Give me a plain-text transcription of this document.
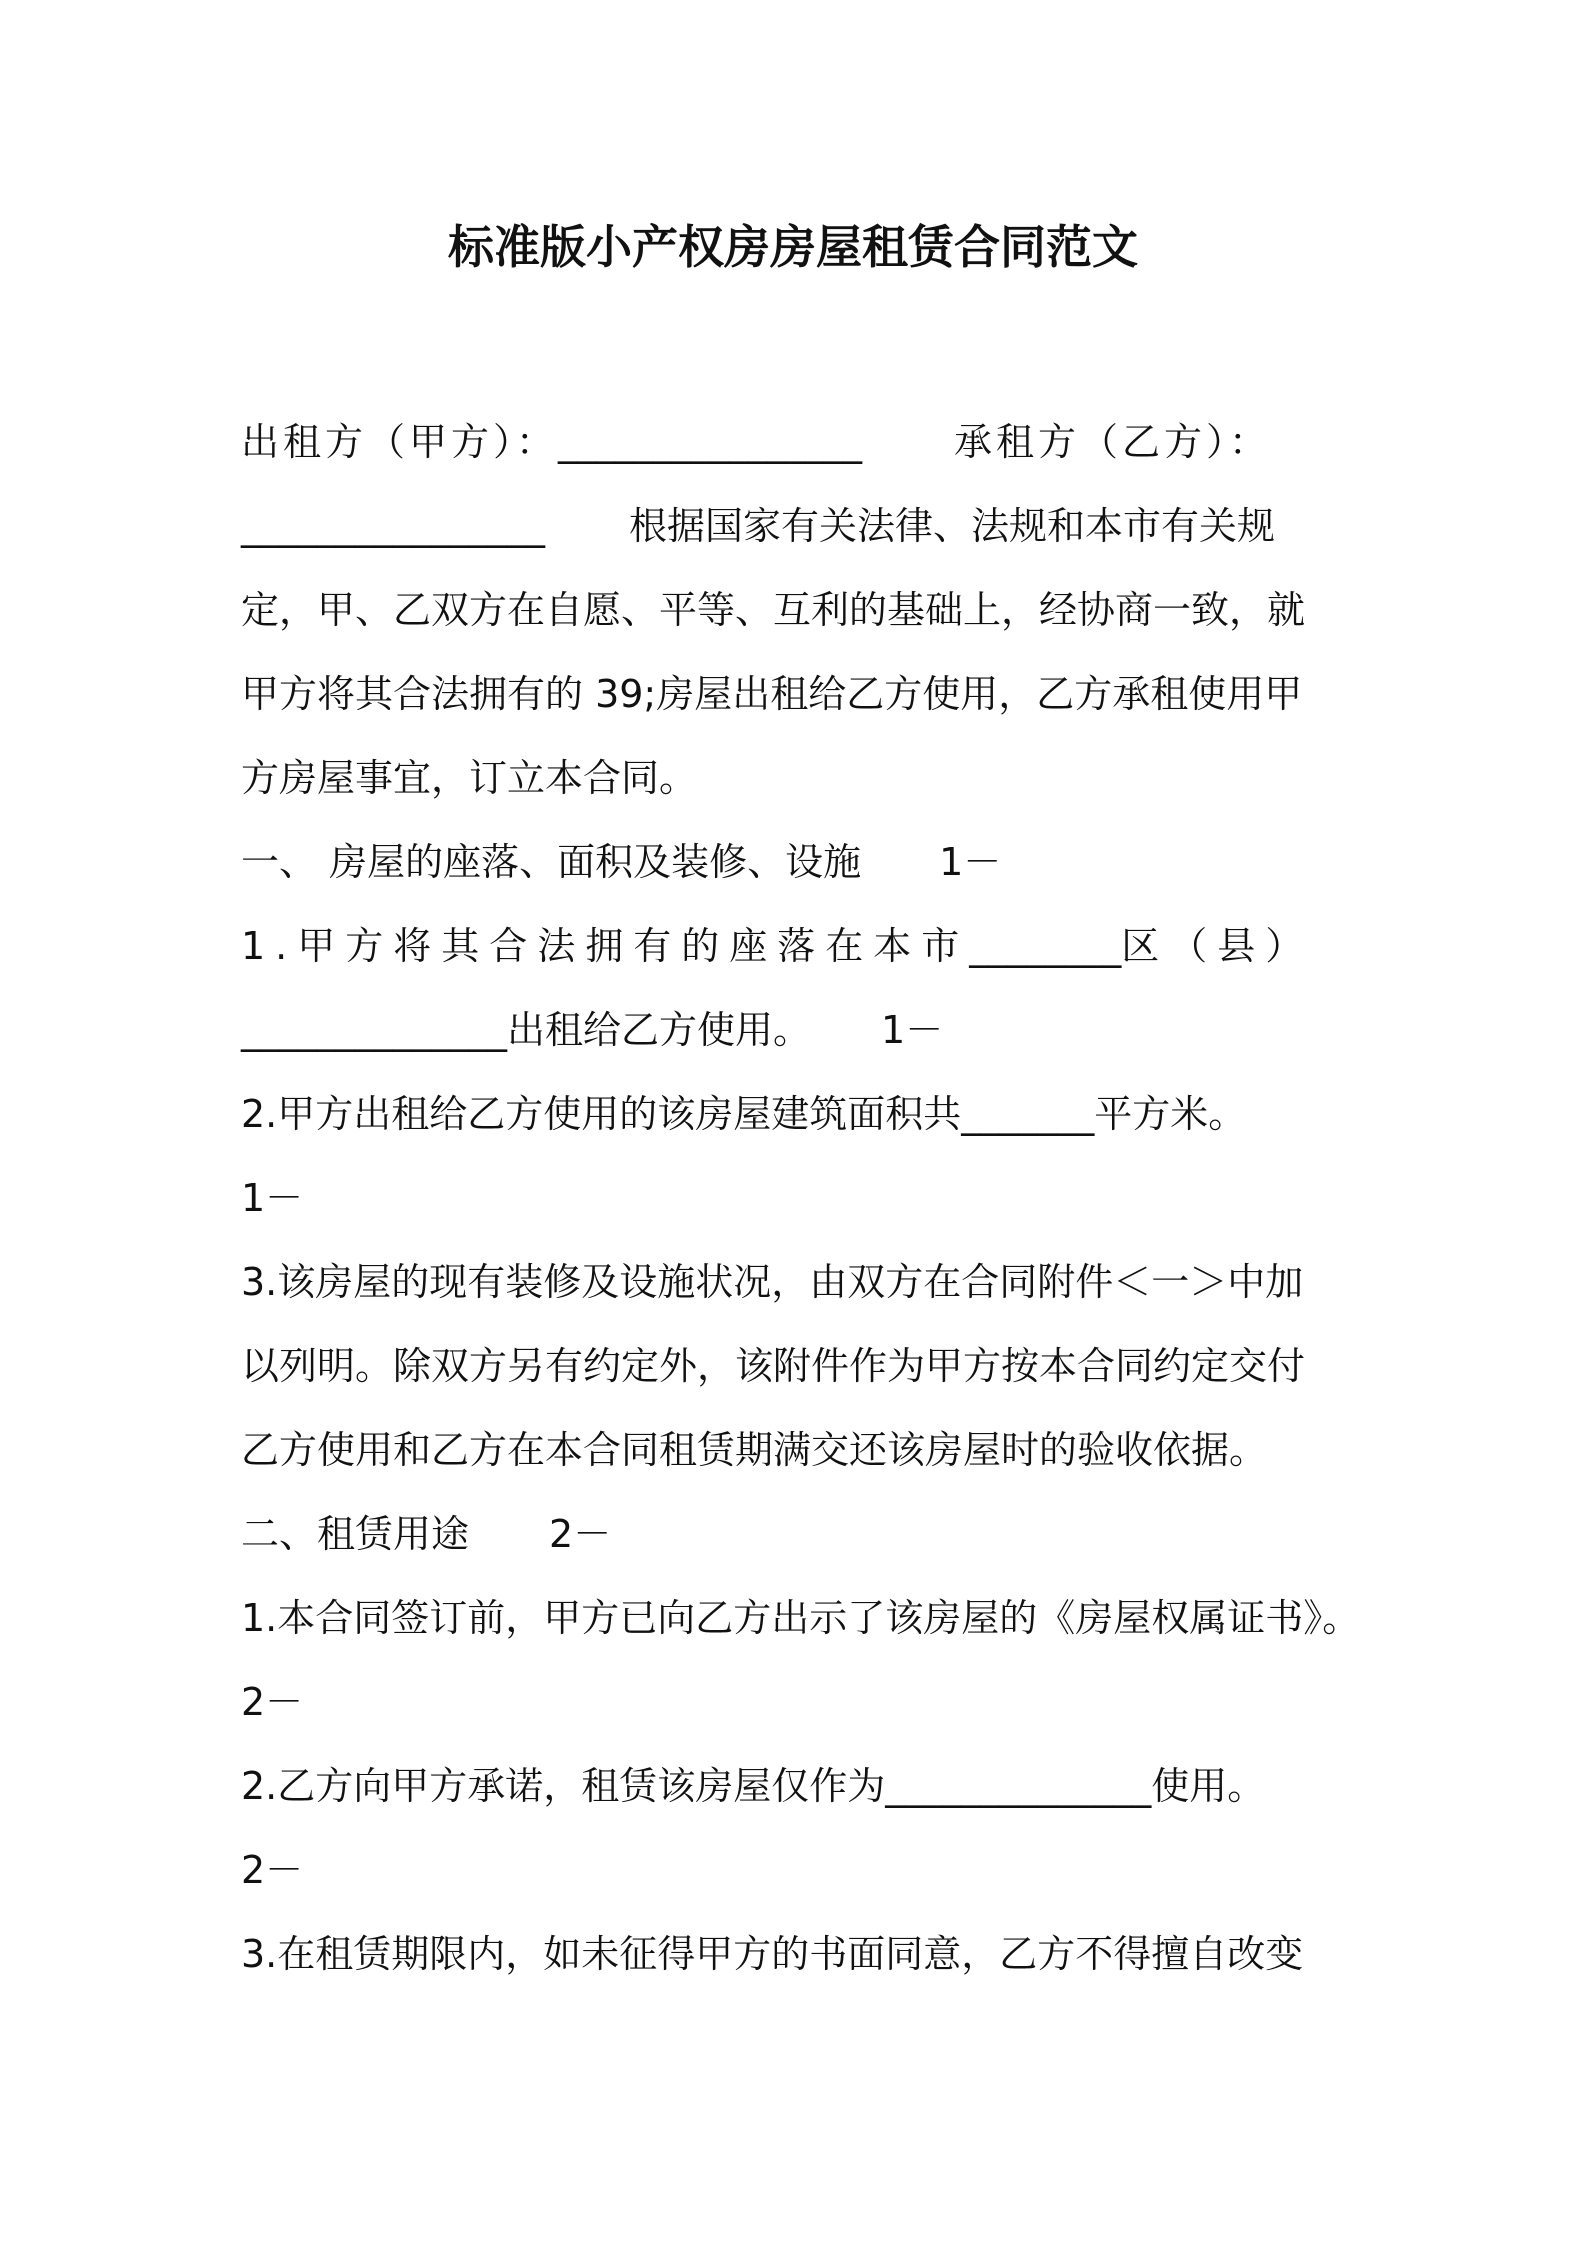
标准版小产权房房屋租赁合同范文
出租方（甲方）：________________ 承租方（乙方）：
________________ 根据国家有关法律、法规和本市有关规
定，甲、乙双方在自愿、平等、互利的基础上，经协商一致，就
甲方将其合法拥有的 39;房屋出租给乙方使用，乙方承租使用甲
方房屋事宜，订立本合同。
一、 房屋的座落、面积及装修、设施 1－
1.甲方将其合法拥有的座落在本市________区（县）
______________出租给乙方使用。 1－
2.甲方出租给乙方使用的该房屋建筑面积共_______平方米。
1－
3.该房屋的现有装修及设施状况，由双方在合同附件＜一＞中加
以列明。除双方另有约定外，该附件作为甲方按本合同约定交付
乙方使用和乙方在本合同租赁期满交还该房屋时的验收依据。
二、租赁用途 2－
1.本合同签订前，甲方已向乙方出示了该房屋的《房屋权属证书》。
2－
2.乙方向甲方承诺，租赁该房屋仅作为______________使用。
2－
3.在租赁期限内，如未征得甲方的书面同意，乙方不得擅自改变
